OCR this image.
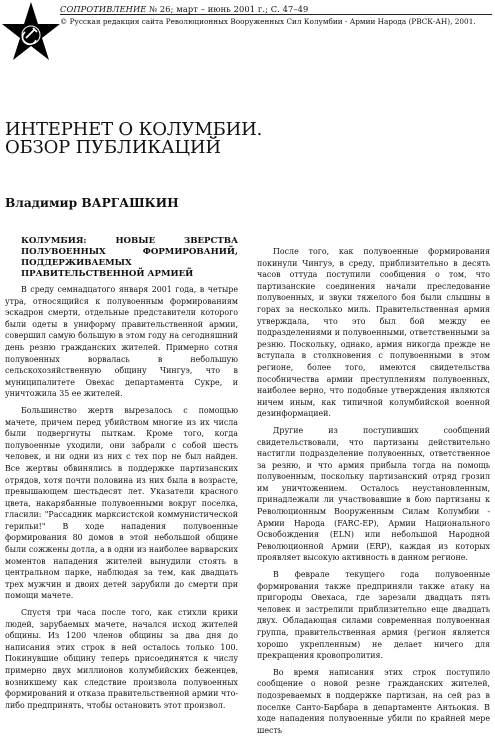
СОПРОТИВЛЕНИЕ № 26; март – июнь 2001 г.; С. 47–49
© Русская редакция сайта Революционных Вооруженных Сил Колумбии - Армии Народа (РВСК-АН), 2001.
ИНТЕРНЕТ О КОЛУМБИИ.
ОБЗОР ПУБЛИКАЦИЙ
Владимир ВАРГАШКИН
КОЛУМБИЯ: НОВЫЕ ЗВЕРСТВА ПОЛУВОЕННЫХ ФОРМИРОВАНИЙ, ПОДДЕРЖИВАЕМЫХ ПРАВИТЕЛЬСТВЕННОЙ АРМИЕЙ

В среду семнадцатого января 2001 года, в четыре утра, относящийся к полувоенным формированиям эскадрон смерти, отдельные представители которого были одеты в униформу правительственной армии, совершил самую большую в этом году на сегодняшний день резню гражданских жителей. Примерно сотня полувоенных ворвалась в небольшую сельскохозяйственную общину Чингуэ, что в муниципалитете Овехас департамента Сукре, и уничтожила 35 ее жителей.

Большинство жертв вырезалось с помощью мачете, причем перед убийством многие из их числа были подвергнуты пыткам. Кроме того, когда полувоенные уходили, они забрали с собой шесть человек, и ни одни из них с тех пор не был найден. Все жертвы обвинялись в поддержке партизанских отрядов, хотя почти половина из них была в возрасте, превышающем шестьдесят лет. Указатели красного цвета, накарябанные полувоенными вокруг поселка, гласили: "Рассадник марксистской коммунистической герильи!" В ходе нападения полувоенные формирования 80 домов в этой небольшой общине были сожжены дотла, а в одни из наиболее варварских моментов нападения жителей вынудили стоять в центральном парке, наблюдая за тем, как двадцать трех мужчин и двоих детей зарубили до смерти при помощи мачете.

Спустя три часа после того, как стихли крики людей, зарубаемых мачете, начался исход жителей общины. Из 1200 членов общины за два дня до написания этих строк в ней осталось только 100. Покинувшие общину теперь присоединятся к числу примерно двух миллионов колумбийских беженцев, возникшему как следствие произвола полувоенных формирований и отказа правительственной армии что-либо предпринять, чтобы остановить этот произвол.

После того, как полувоенные формирования покинули Чингуэ, в среду, приблизительно в десять часов оттуда поступили сообщения о том, что партизанские соединения начали преследование полувоенных, и звуки тяжелого боя были слышны в горах за несколько миль. Правительственная армия утверждала, что это был бой между ее подразделениями и полувоенными, ответственными за резню. Поскольку, однако, армия никогда прежде не вступала в столкновения с полувоенными в этом регионе, более того, имеются свидетельства пособничества армии преступлениям полувоенных, наиболее верно, что подобные утверждения являются ничем иным, как типичной колумбийской военной дезинформацией.

Другие из поступивших сообщений свидетельствовали, что партизаны действительно настигли подразделение полувоенных, ответственное за резню, и что армия прибыла тогда на помощь полувоенным, поскольку партизанский отряд грозил им уничтожением. Осталось неустановленным, принадлежали ли участвовавшие в бою партизаны к Революционным Вооруженным Силам Колумбии - Армии Народа (FARC-EP), Армии Национального Освобождения (ELN) или небольшой Народной Революционной Армии (ERP), каждая из которых проявляет высокую активность в данном регионе.

В феврале текущего года полувоенные формирования также предприняли также атаку на пригороды Овехаса, где зарезали двадцать пять человек и застрелили приблизительно еще двадцать двух. Обладающая силами современная полувоенная группа, правительственная армия (регион является хорошо укрепленным) не делает ничего для прекращения кровопролития.

Во время написания этих строк поступило сообщение о новой резне гражданских жителей, подозреваемых в поддержке партизан, на сей раз в поселке Санто-Барбара в департаменте Антьокия. В ходе нападения полувоенные убили по крайней мере шесть
